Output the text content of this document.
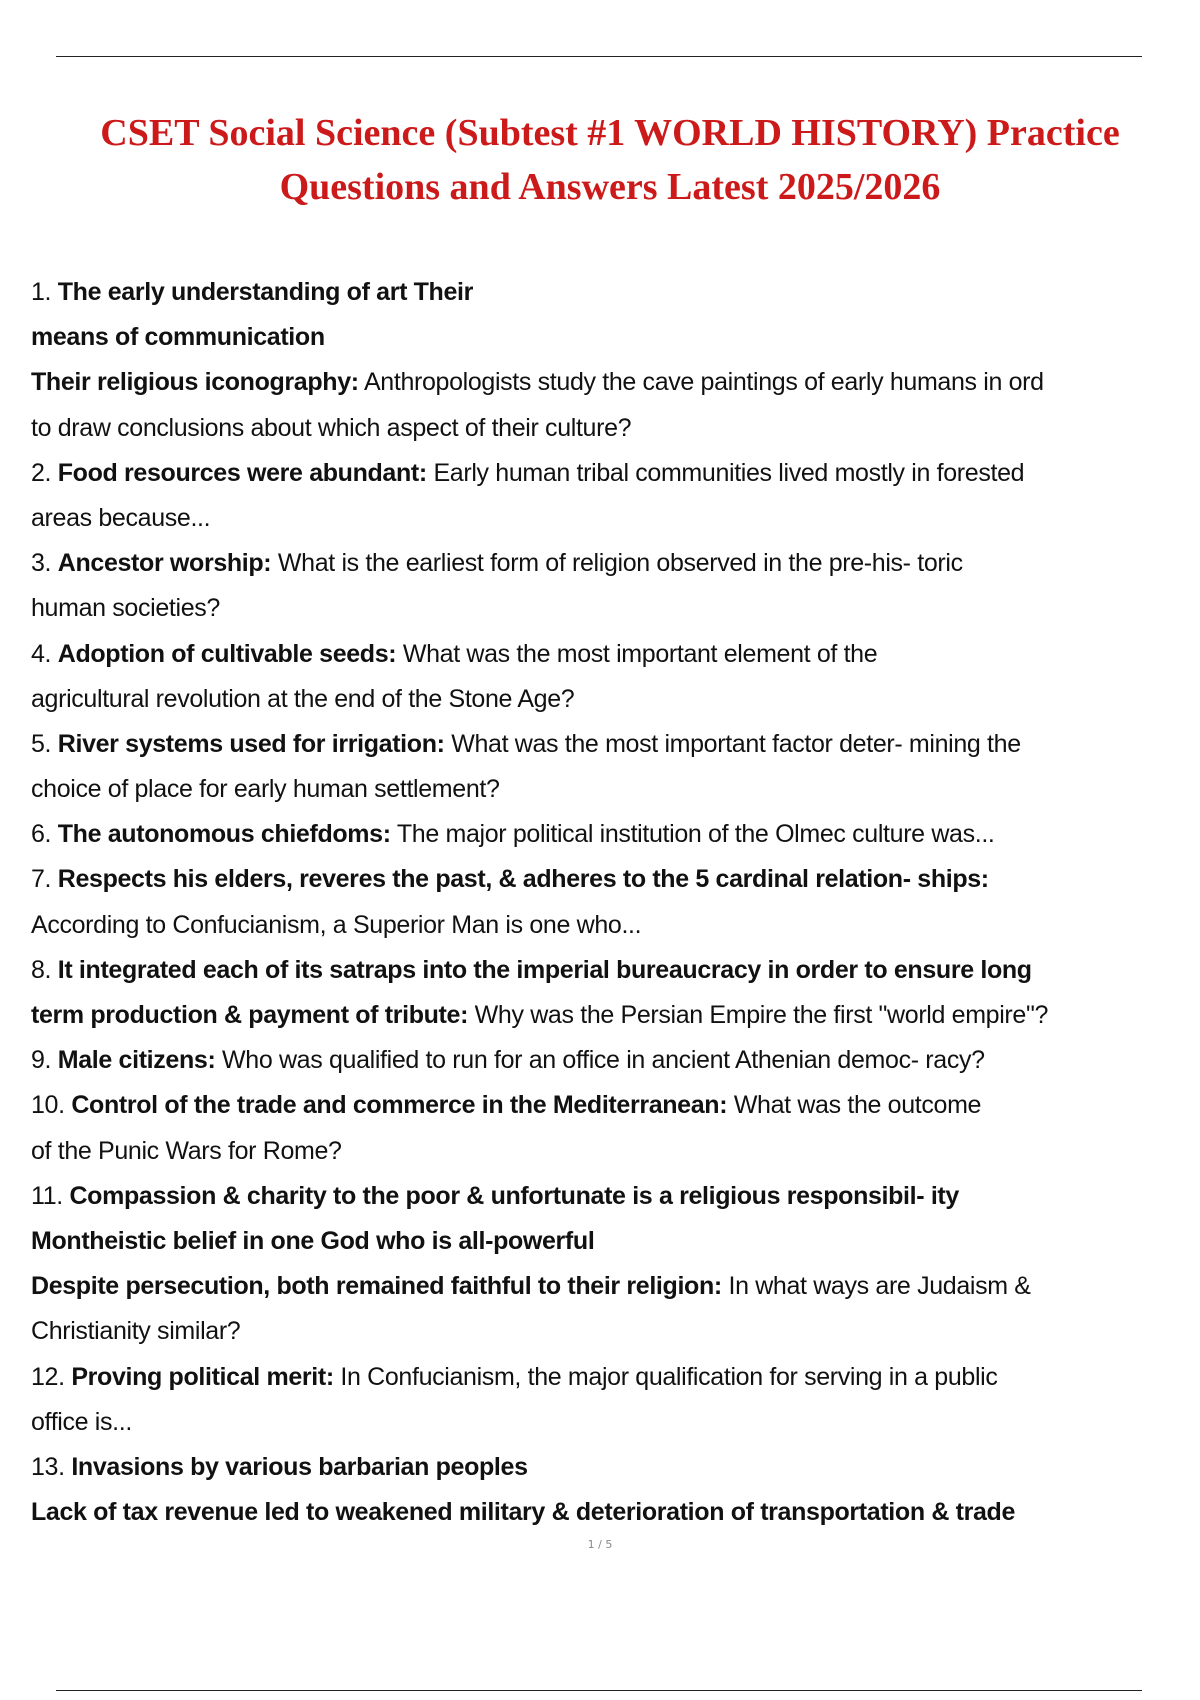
CSET Social Science (Subtest #1 WORLD HISTORY) Practice Questions and Answers Latest 2025/2026
1. The early understanding of art Their
means of communication
Their religious iconography: Anthropologists study the cave paintings of early humans in ord
to draw conclusions about which aspect of their culture?
2. Food resources were abundant: Early human tribal communities lived mostly in forested
areas because...
3. Ancestor worship: What is the earliest form of religion observed in the pre-his- toric
human societies?
4. Adoption of cultivable seeds: What was the most important element of the
agricultural revolution at the end of the Stone Age?
5. River systems used for irrigation: What was the most important factor deter- mining the
choice of place for early human settlement?
6. The autonomous chiefdoms: The major political institution of the Olmec culture was...
7. Respects his elders, reveres the past, & adheres to the 5 cardinal relation- ships:
According to Confucianism, a Superior Man is one who...
8. It integrated each of its satraps into the imperial bureaucracy in order to ensure long
term production & payment of tribute: Why was the Persian Empire the first "world empire"?
9. Male citizens: Who was qualified to run for an office in ancient Athenian democ- racy?
10. Control of the trade and commerce in the Mediterranean: What was the outcome
of the Punic Wars for Rome?
11. Compassion & charity to the poor & unfortunate is a religious responsibil- ity
Montheistic belief in one God who is all-powerful
Despite persecution, both remained faithful to their religion: In what ways are Judaism &
Christianity similar?
12. Proving political merit: In Confucianism, the major qualification for serving in a public
office is...
13. Invasions by various barbarian peoples
Lack of tax revenue led to weakened military & deterioration of transportation & trade
1 / 5
